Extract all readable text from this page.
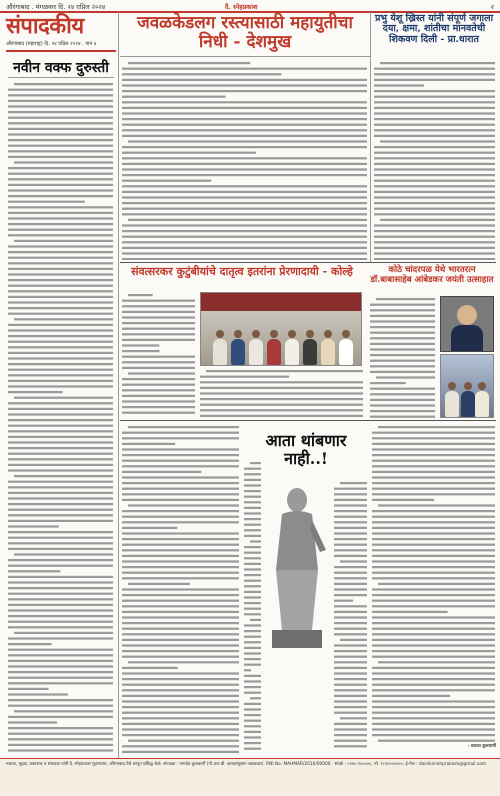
औरंगाबाद . मंगळवार दि. २४ एप्रिल २०२४	दै. स्नेहप्रकाश	२
संपादकीय
औरंगाबाद (महाराष्ट्र) दि. २४ एप्रिल २०२४ . पान ४
जवळकेडलग रस्त्यासाठी महायुतीचा निधी - देशमुख
प्रभु येशू ख्रिस्त यांनी संपूर्ण जगाला दया, क्षमा, शांतीचा मानवतेची शिकवण दिली - प्रा.धारात
नवीन वक्फ दुरुस्ती
संवत्सरकर कुटुंबीयांचे दातृत्व इतरांना प्रेरणादायी - कोल्हे	कोठे चांदरपळ येथे भारतरत्न डॉ.बाबासाहेब आंबेडकर जयंती उत्साहात
आता थांबणार नाही..!
- प्रकाश कुलकर्णी
मालक, मुद्रक, प्रकाशक व संपादक यांनी दै. स्नेहप्रकाश मुद्रणालय, औरंगाबाद येथे छापून प्रसिद्ध केले. संपादक : नामदेव कुलकर्णी (पी.आर.बी. कायद्यानुसार जबाबदार). RNI No. MAHMAR/2016/00000 . संपर्क : ०२४०-२०००००, मो. ९८९०००००००, ई-मेल : dainiksnehprakash@gmail.com
